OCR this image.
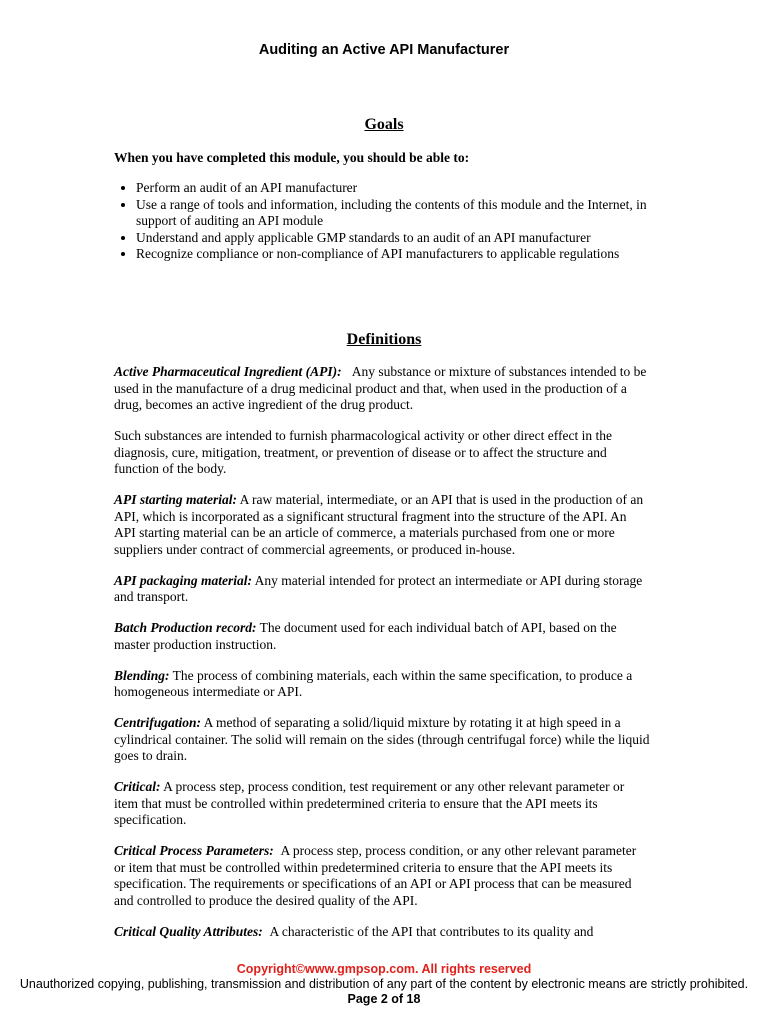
Auditing an Active API Manufacturer
Goals
When you have completed this module, you should be able to:
• Perform an audit of an API manufacturer
• Use a range of tools and information, including the contents of this module and the Internet, in support of auditing an API module
• Understand and apply applicable GMP standards to an audit of an API manufacturer
• Recognize compliance or non-compliance of API manufacturers to applicable regulations
Definitions

Active Pharmaceutical Ingredient (API): Any substance or mixture of substances intended to be used in the manufacture of a drug medicinal product and that, when used in the production of a drug, becomes an active ingredient of the drug product.

Such substances are intended to furnish pharmacological activity or other direct effect in the diagnosis, cure, mitigation, treatment, or prevention of disease or to affect the structure and function of the body.

API starting material: A raw material, intermediate, or an API that is used in the production of an API, which is incorporated as a significant structural fragment into the structure of the API. An API starting material can be an article of commerce, a materials purchased from one or more suppliers under contract of commercial agreements, or produced in-house.

API packaging material: Any material intended for protect an intermediate or API during storage and transport.

Batch Production record: The document used for each individual batch of API, based on the master production instruction.

Blending: The process of combining materials, each within the same specification, to produce a homogeneous intermediate or API.

Centrifugation: A method of separating a solid/liquid mixture by rotating it at high speed in a cylindrical container. The solid will remain on the sides (through centrifugal force) while the liquid goes to drain.

Critical: A process step, process condition, test requirement or any other relevant parameter or item that must be controlled within predetermined criteria to ensure that the API meets its specification.

Critical Process Parameters: A process step, process condition, or any other relevant parameter or item that must be controlled within predetermined criteria to ensure that the API meets its specification. The requirements or specifications of an API or API process that can be measured and controlled to produce the desired quality of the API.

Critical Quality Attributes: A characteristic of the API that contributes to its quality and

Copyright©www.gmpsop.com. All rights reserved
Unauthorized copying, publishing, transmission and distribution of any part of the content by electronic means are strictly prohibited.
Page 2 of 18
